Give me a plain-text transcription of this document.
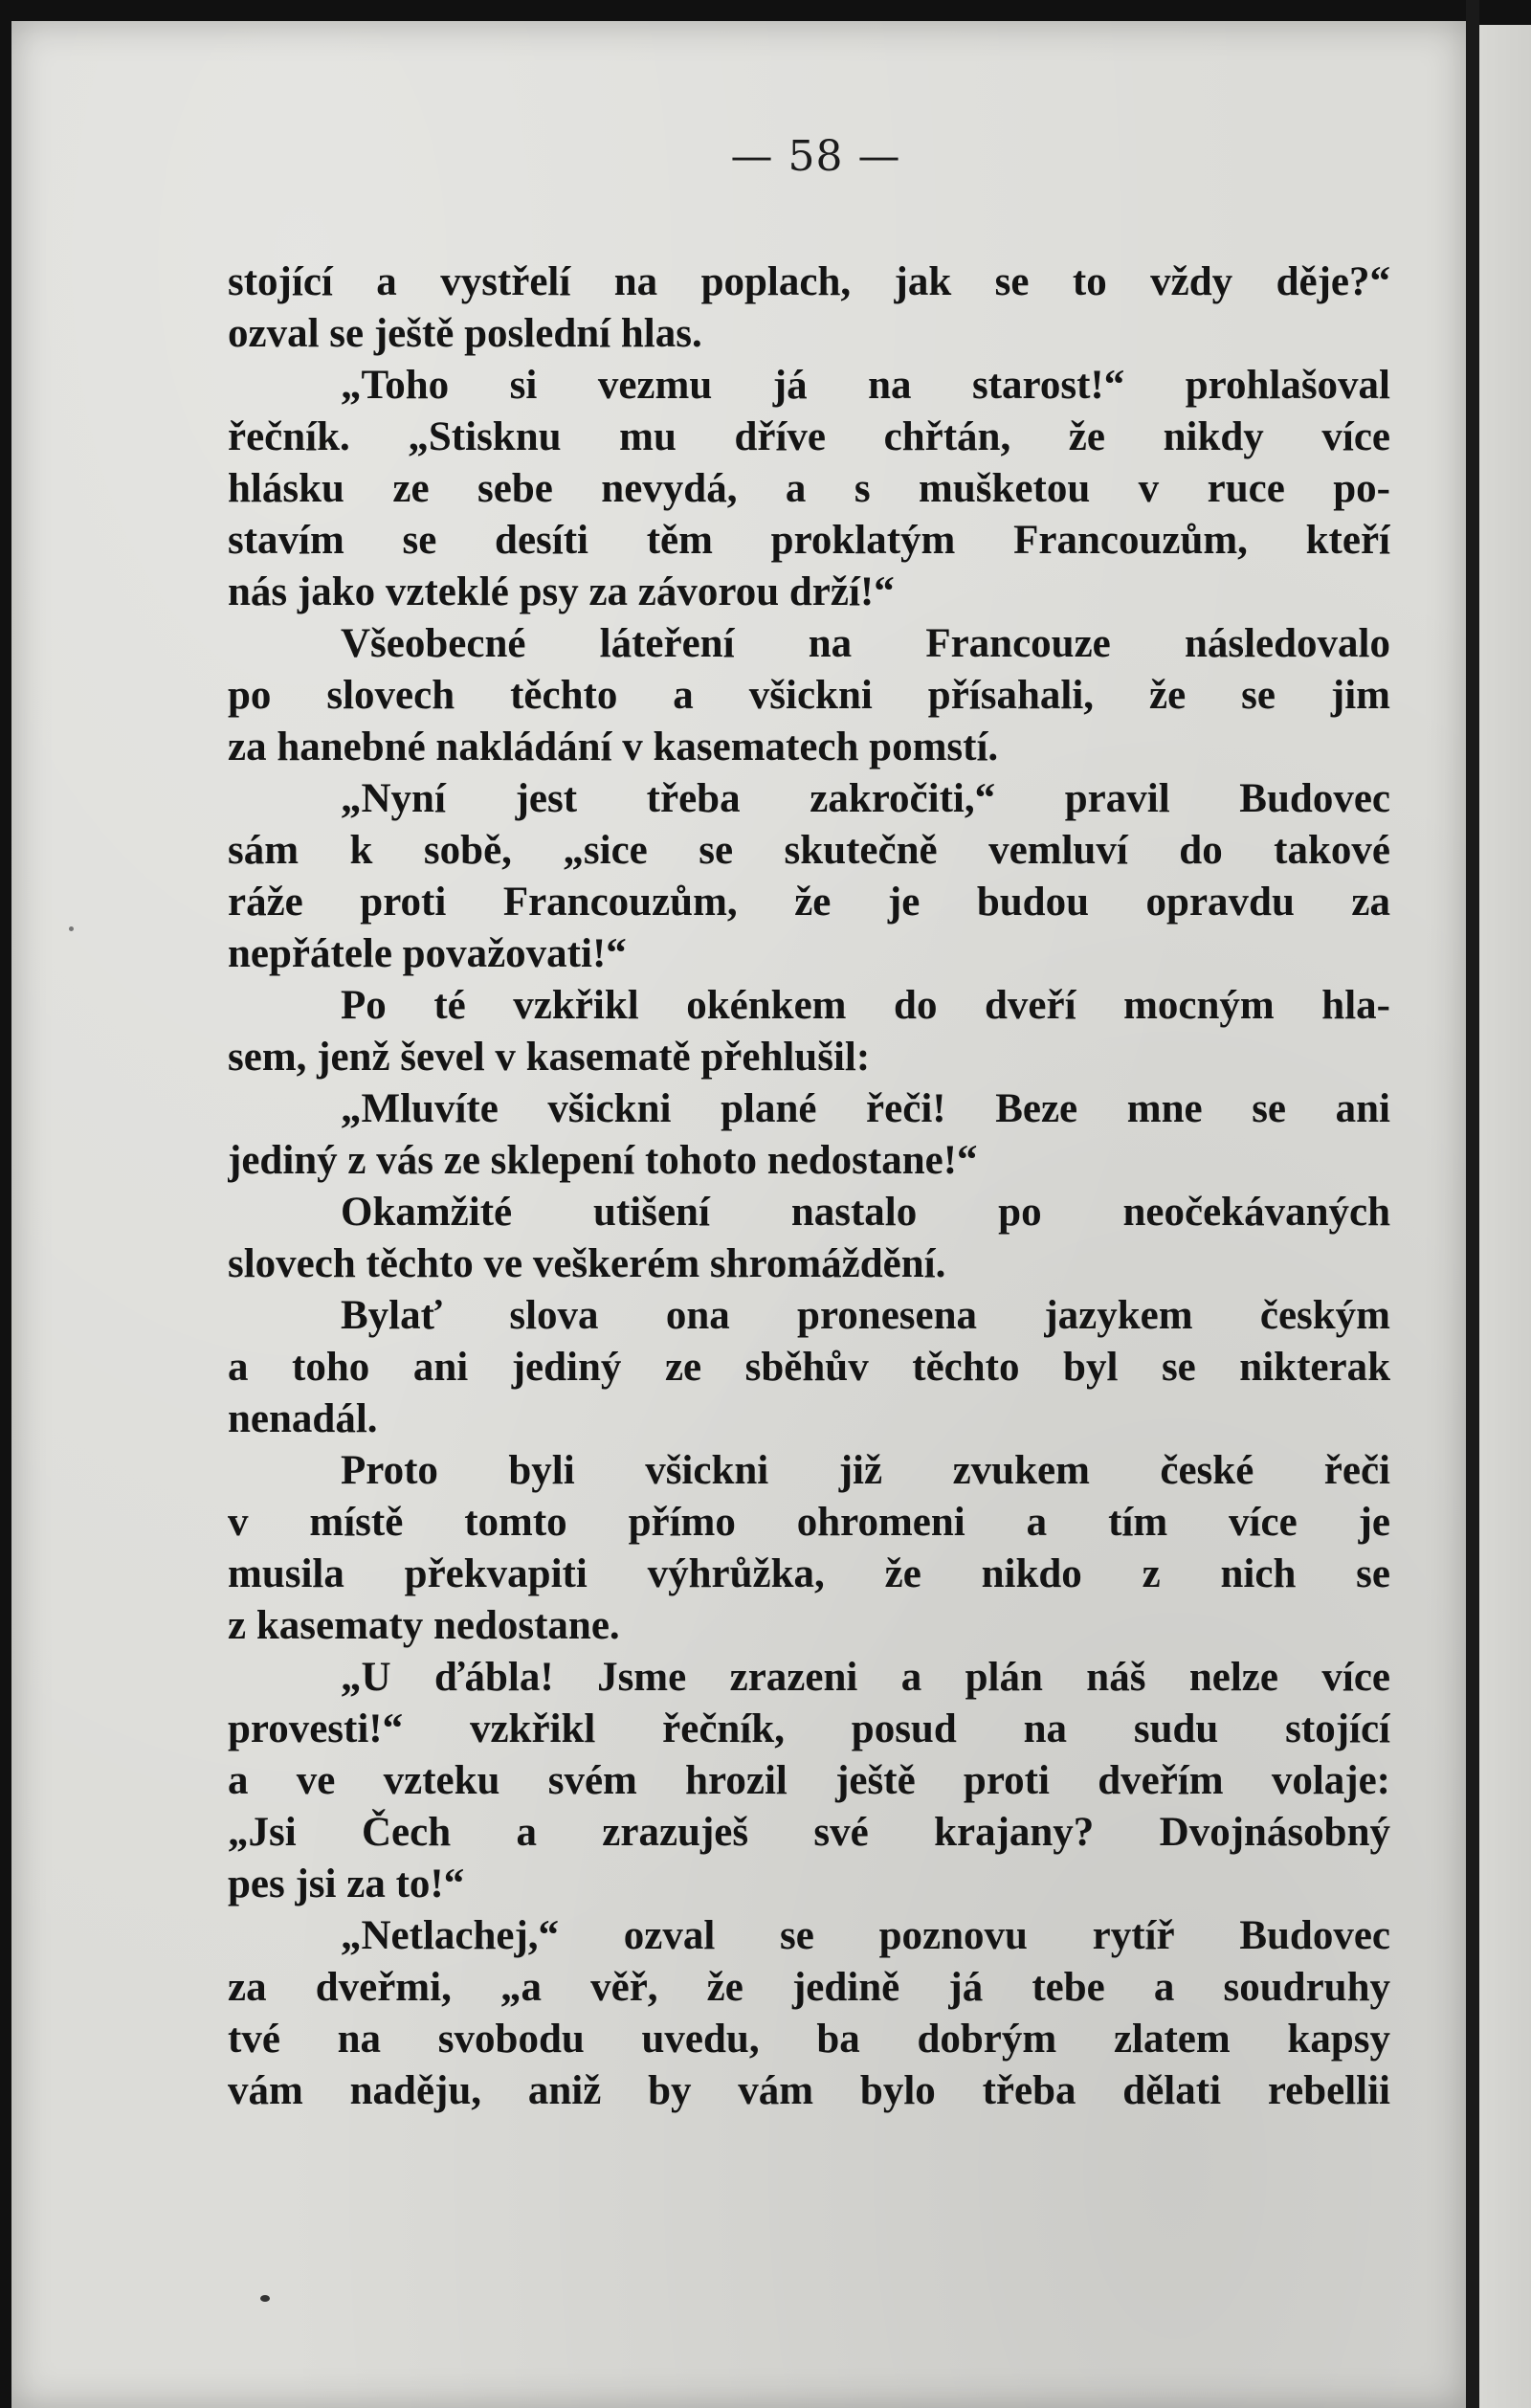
— 58 —
stojící a vystřelí na poplach, jak se to vždy děje?“
ozval se ještě poslední hlas.
„Toho si vezmu já na starost!“ prohlašoval
řečník. „Stisknu mu dříve chřtán, že nikdy více
hlásku ze sebe nevydá, a s mušketou v ruce po-
stavím se desíti těm proklatým Francouzům, kteří
nás jako vzteklé psy za závorou drží!“
Všeobecné láteření na Francouze následovalo
po slovech těchto a všickni přísahali, že se jim
za hanebné nakládání v kasematech pomstí.
„Nyní jest třeba zakročiti,“ pravil Budovec
sám k sobě, „sice se skutečně vemluví do takové
ráže proti Francouzům, že je budou opravdu za
nepřátele považovati!“
Po té vzkřikl okénkem do dveří mocným hla-
sem, jenž ševel v kasematě přehlušil:
„Mluvíte všickni plané řeči! Beze mne se ani
jediný z vás ze sklepení tohoto nedostane!“
Okamžité utišení nastalo po neočekávaných
slovech těchto ve veškerém shromáždění.
Bylať slova ona pronesena jazykem českým
a toho ani jediný ze sběhův těchto byl se nikterak
nenadál.
Proto byli všickni již zvukem české řeči
v místě tomto přímo ohromeni a tím více je
musila překvapiti výhrůžka, že nikdo z nich se
z kasematy nedostane.
„U ďábla! Jsme zrazeni a plán náš nelze více
provesti!“ vzkřikl řečník, posud na sudu stojící
a ve vzteku svém hrozil ještě proti dveřím volaje:
„Jsi Čech a zrazuješ své krajany? Dvojnásobný
pes jsi za to!“
„Netlachej,“ ozval se poznovu rytíř Budovec
za dveřmi, „a věř, že jedině já tebe a soudruhy
tvé na svobodu uvedu, ba dobrým zlatem kapsy
vám naděju, aniž by vám bylo třeba dělati rebellii
